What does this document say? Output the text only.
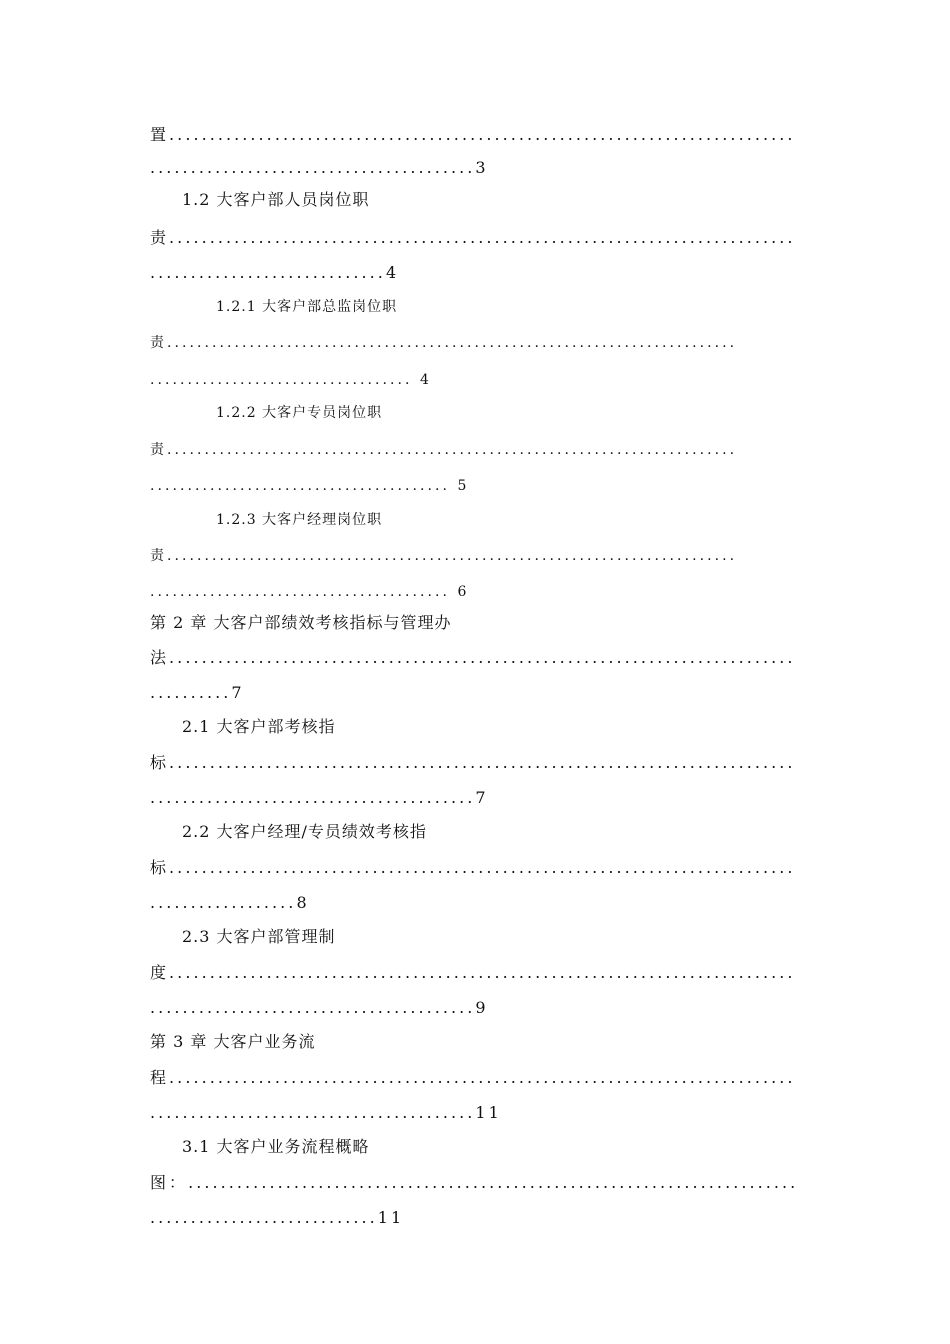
置.............................................................................
........................................3
1.2 大客户部人员岗位职
责.............................................................................
.............................4
1.2.1 大客户部总监岗位职
责............................................................................
................................... 4
1.2.2 大客户专员岗位职
责............................................................................
........................................ 5
1.2.3 大客户经理岗位职
责............................................................................
........................................ 6
第 2 章 大客户部绩效考核指标与管理办
法.............................................................................
..........7
2.1 大客户部考核指
标.............................................................................
........................................7
2.2 大客户经理/专员绩效考核指
标.............................................................................
..................8
2.3 大客户部管理制
度.............................................................................
........................................9
第 3 章 大客户业务流
程.............................................................................
........................................11
3.1 大客户业务流程概略
图：...........................................................................
............................11
